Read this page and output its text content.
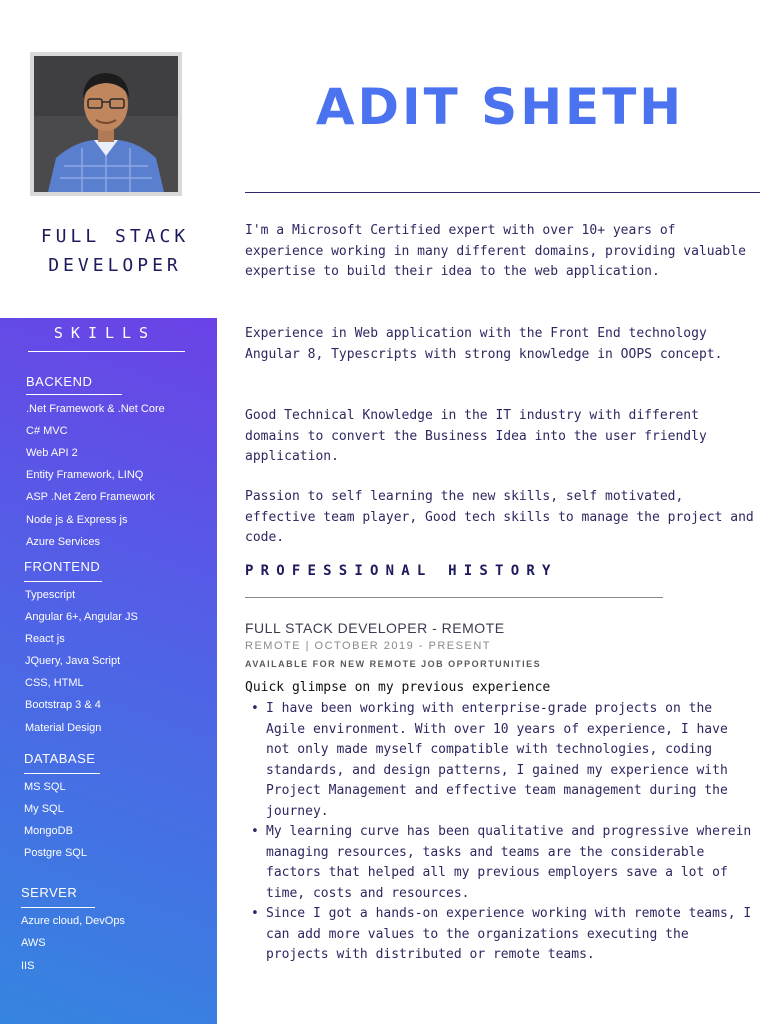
ADIT SHETH
FULL STACK DEVELOPER
SKILLS
BACKEND
.Net Framework & .Net Core
C# MVC
Web API 2
Entity Framework, LINQ
ASP .Net Zero Framework
Node js & Express js
Azure Services
FRONTEND
Typescript
Angular 6+, Angular JS
React js
JQuery, Java Script
CSS, HTML
Bootstrap 3 & 4
Material Design
DATABASE
MS SQL
My SQL
MongoDB
Postgre SQL
SERVER
Azure cloud, DevOps
AWS
IIS

I'm a Microsoft Certified expert with over 10+ years of experience working in many different domains, providing valuable expertise to build their idea to the web application.

Experience in Web application with the Front End technology Angular 8, Typescripts with strong knowledge in OOPS concept.

Good Technical Knowledge in the IT industry with different domains to convert the Business Idea into the user friendly application.

Passion to self learning the new skills, self motivated, effective team player, Good tech skills to manage the project and code.

PROFESSIONAL HISTORY
FULL STACK DEVELOPER - REMOTE
REMOTE | OCTOBER 2019 - PRESENT
AVAILABLE FOR NEW REMOTE JOB OPPORTUNITIES
Quick glimpse on my previous experience
• I have been working with enterprise-grade projects on the Agile environment. With over 10 years of experience, I have not only made myself compatible with technologies, coding standards, and design patterns, I gained my experience with Project Management and effective team management during the journey.
• My learning curve has been qualitative and progressive wherein managing resources, tasks and teams are the considerable factors that helped all my previous employers save a lot of time, costs and resources.
• Since I got a hands-on experience working with remote teams, I can add more values to the organizations executing the projects with distributed or remote teams.
